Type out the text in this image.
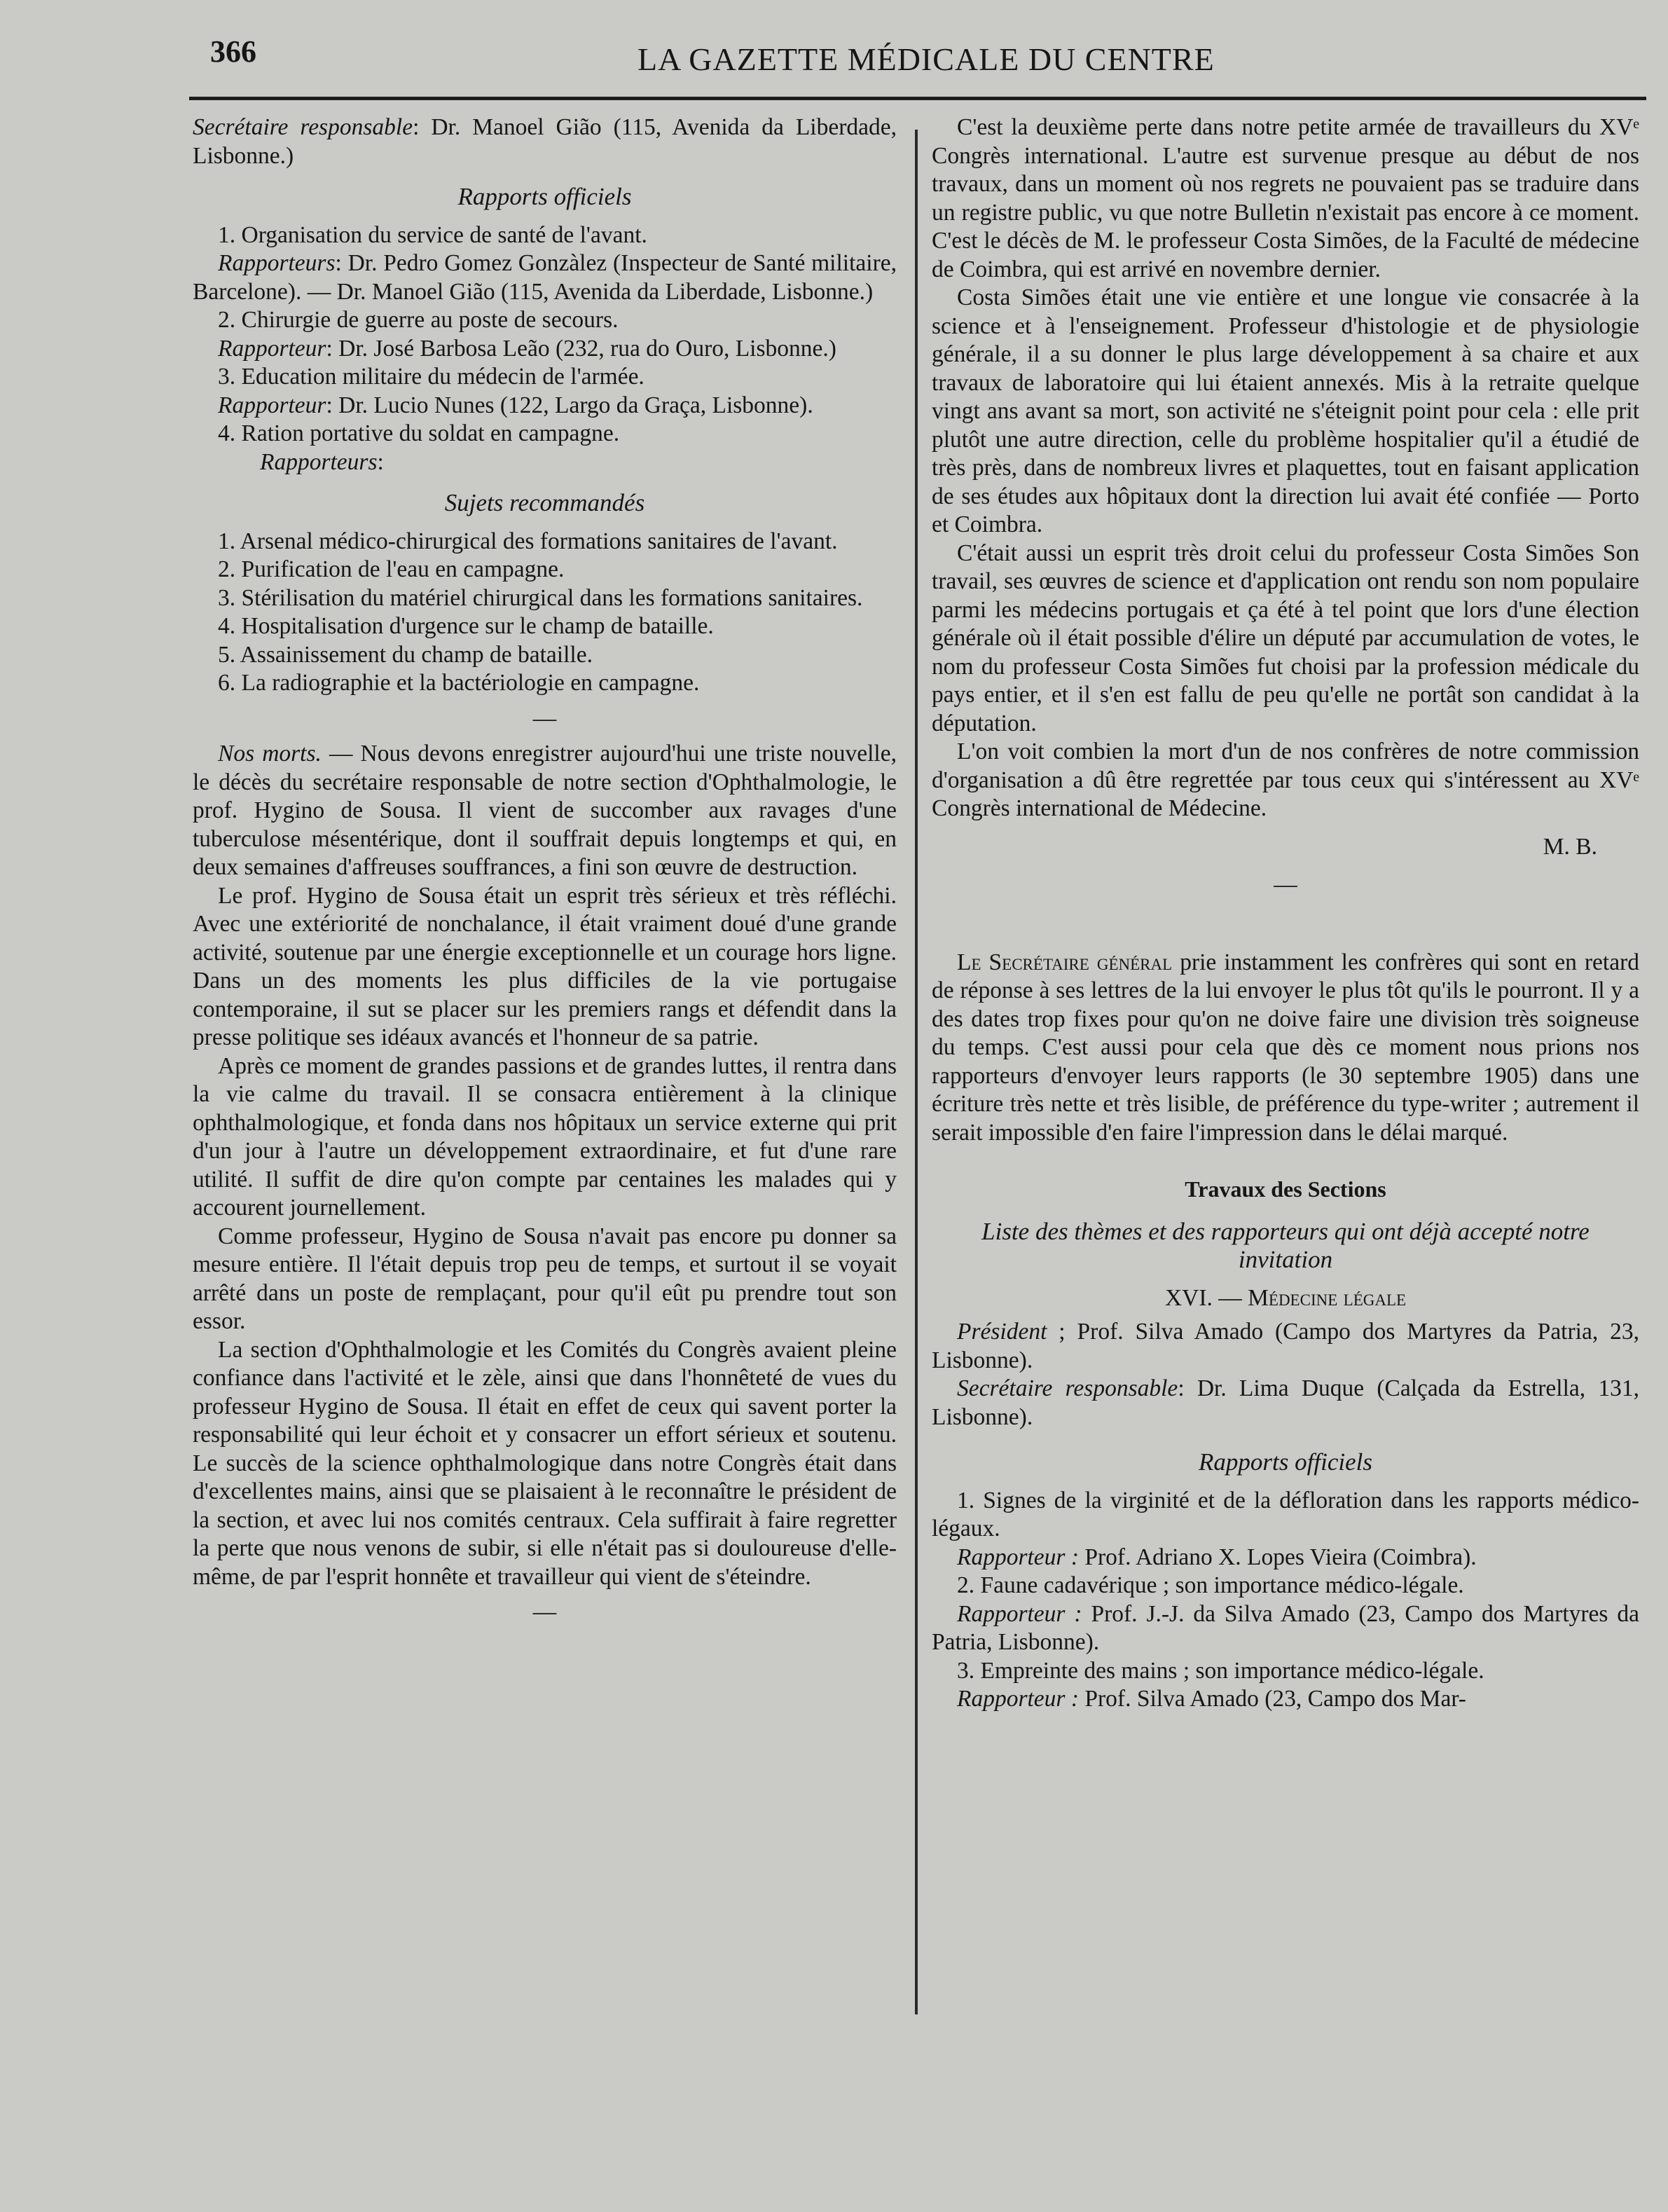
366	LA GAZETTE MÉDICALE DU CENTRE

Secrétaire responsable: Dr. Manoel Gião (115, Avenida da Liberdade, Lisbonne.)

Rapports officiels

1. Organisation du service de santé de l'avant.

Rapporteurs: Dr. Pedro Gomez Gonzàlez (Inspecteur de Santé militaire, Barcelone). — Dr. Manoel Gião (115, Avenida da Liberdade, Lisbonne.)

2. Chirurgie de guerre au poste de secours.

Rapporteur: Dr. José Barbosa Leão (232, rua do Ouro, Lisbonne.)

3. Education militaire du médecin de l'armée.

Rapporteur: Dr. Lucio Nunes (122, Largo da Graça, Lisbonne).

4. Ration portative du soldat en campagne.

Rapporteurs:

Sujets recommandés

1. Arsenal médico-chirurgical des formations sanitaires de l'avant.

2. Purification de l'eau en campagne.

3. Stérilisation du matériel chirurgical dans les formations sanitaires.

4. Hospitalisation d'urgence sur le champ de bataille.

5. Assainissement du champ de bataille.

6. La radiographie et la bactériologie en campagne.

—

Nos morts. — Nous devons enregistrer aujourd'hui une triste nouvelle, le décès du secrétaire responsable de notre section d'Ophthalmologie, le prof. Hygino de Sousa. Il vient de succomber aux ravages d'une tuberculose mésentérique, dont il souffrait depuis longtemps et qui, en deux semaines d'affreuses souffrances, a fini son œuvre de destruction.

Le prof. Hygino de Sousa était un esprit très sérieux et très réfléchi. Avec une extériorité de nonchalance, il était vraiment doué d'une grande activité, soutenue par une énergie exceptionnelle et un courage hors ligne. Dans un des moments les plus difficiles de la vie portugaise contemporaine, il sut se placer sur les premiers rangs et défendit dans la presse politique ses idéaux avancés et l'honneur de sa patrie.

Après ce moment de grandes passions et de grandes luttes, il rentra dans la vie calme du travail. Il se consacra entièrement à la clinique ophthalmologique, et fonda dans nos hôpitaux un service externe qui prit d'un jour à l'autre un développement extraordinaire, et fut d'une rare utilité. Il suffit de dire qu'on compte par centaines les malades qui y accourent journellement.

Comme professeur, Hygino de Sousa n'avait pas encore pu donner sa mesure entière. Il l'était depuis trop peu de temps, et surtout il se voyait arrêté dans un poste de remplaçant, pour qu'il eût pu prendre tout son essor.

La section d'Ophthalmologie et les Comités du Congrès avaient pleine confiance dans l'activité et le zèle, ainsi que dans l'honnêteté de vues du professeur Hygino de Sousa. Il était en effet de ceux qui savent porter la responsabilité qui leur échoit et y consacrer un effort sérieux et soutenu. Le succès de la science ophthalmologique dans notre Congrès était dans d'excellentes mains, ainsi que se plaisaient à le reconnaître le président de la section, et avec lui nos comités centraux. Cela suffirait à faire regretter la perte que nous venons de subir, si elle n'était pas si douloureuse d'elle-même, de par l'esprit honnête et travailleur qui vient de s'éteindre.

—

C'est la deuxième perte dans notre petite armée de travailleurs du XVᵉ Congrès international. L'autre est survenue presque au début de nos travaux, dans un moment où nos regrets ne pouvaient pas se traduire dans un registre public, vu que notre Bulletin n'existait pas encore à ce moment. C'est le décès de M. le professeur Costa Simões, de la Faculté de médecine de Coimbra, qui est arrivé en novembre dernier.

Costa Simões était une vie entière et une longue vie consacrée à la science et à l'enseignement. Professeur d'histologie et de physiologie générale, il a su donner le plus large développement à sa chaire et aux travaux de laboratoire qui lui étaient annexés. Mis à la retraite quelque vingt ans avant sa mort, son activité ne s'éteignit point pour cela : elle prit plutôt une autre direction, celle du problème hospitalier qu'il a étudié de très près, dans de nombreux livres et plaquettes, tout en faisant application de ses études aux hôpitaux dont la direction lui avait été confiée — Porto et Coimbra.

C'était aussi un esprit très droit celui du professeur Costa Simões Son travail, ses œuvres de science et d'application ont rendu son nom populaire parmi les médecins portugais et ça été à tel point que lors d'une élection générale où il était possible d'élire un député par accumulation de votes, le nom du professeur Costa Simões fut choisi par la profession médicale du pays entier, et il s'en est fallu de peu qu'elle ne portât son candidat à la députation.

L'on voit combien la mort d'un de nos confrères de notre commission d'organisation a dû être regrettée par tous ceux qui s'intéressent au XVᵉ Congrès international de Médecine.

M. B.

—

Le Secrétaire général prie instamment les confrères qui sont en retard de réponse à ses lettres de la lui envoyer le plus tôt qu'ils le pourront. Il y a des dates trop fixes pour qu'on ne doive faire une division très soigneuse du temps. C'est aussi pour cela que dès ce moment nous prions nos rapporteurs d'envoyer leurs rapports (le 30 septembre 1905) dans une écriture très nette et très lisible, de préférence du type-writer ; autrement il serait impossible d'en faire l'impression dans le délai marqué.

Travaux des Sections

Liste des thèmes et des rapporteurs qui ont déjà accepté notre invitation

XVI. — Médecine légale

Président ; Prof. Silva Amado (Campo dos Martyres da Patria, 23, Lisbonne).

Secrétaire responsable: Dr. Lima Duque (Calçada da Estrella, 131, Lisbonne).

Rapports officiels

1. Signes de la virginité et de la défloration dans les rapports médico-légaux.

Rapporteur : Prof. Adriano X. Lopes Vieira (Coimbra).

2. Faune cadavérique ; son importance médico-légale.

Rapporteur : Prof. J.-J. da Silva Amado (23, Campo dos Martyres da Patria, Lisbonne).

3. Empreinte des mains ; son importance médico-légale.

Rapporteur : Prof. Silva Amado (23, Campo dos Mar-
